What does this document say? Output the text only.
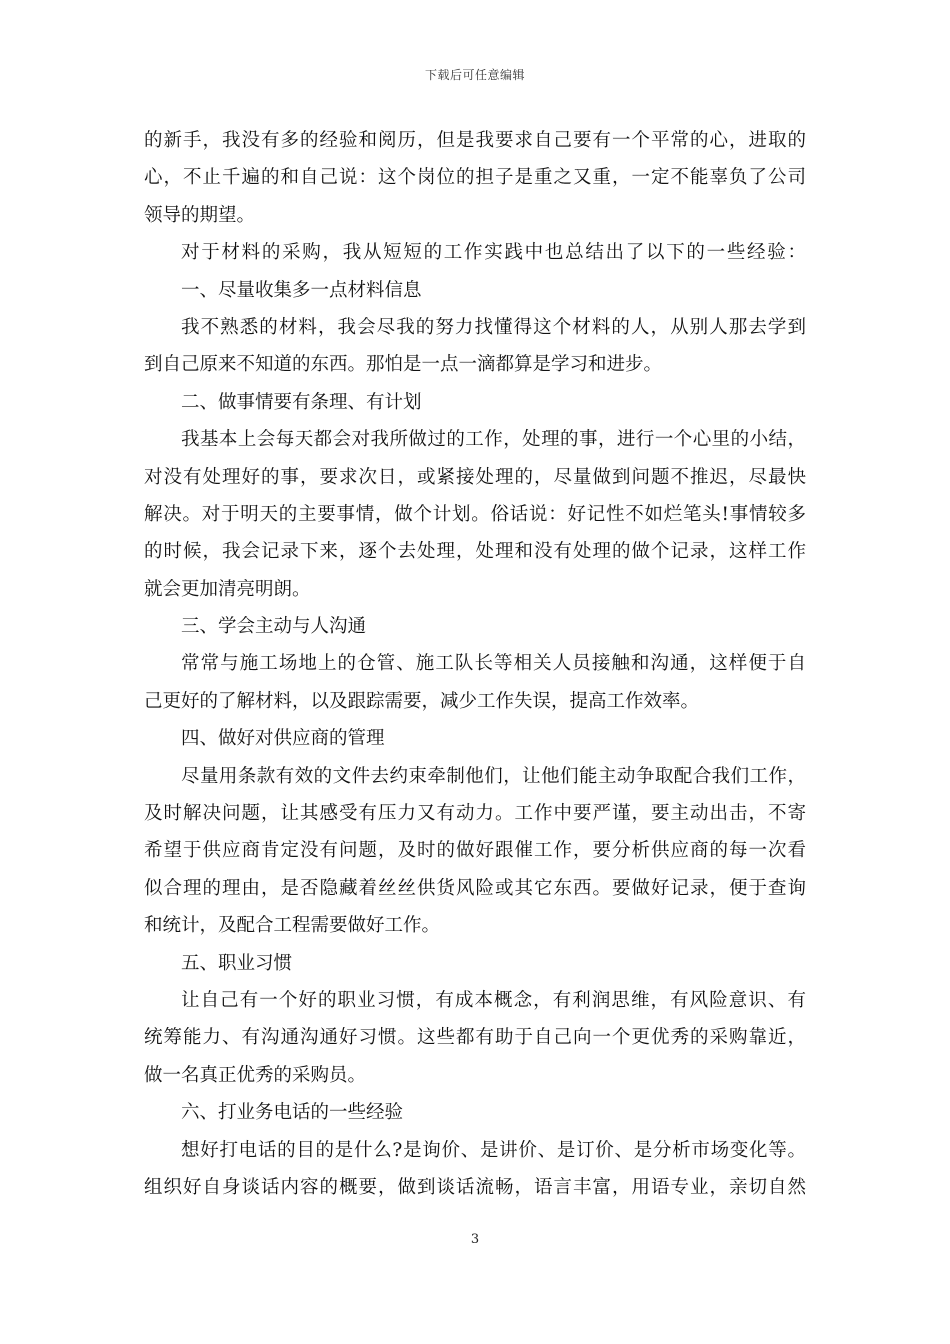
下载后可任意编辑
的新手，我没有多的经验和阅历，但是我要求自己要有一个平常的心，进取的
心，不止千遍的和自己说：这个岗位的担子是重之又重，一定不能辜负了公司
领导的期望。
对于材料的采购，我从短短的工作实践中也总结出了以下的一些经验：
一、尽量收集多一点材料信息
我不熟悉的材料，我会尽我的努力找懂得这个材料的人，从别人那去学到
到自己原来不知道的东西。那怕是一点一滴都算是学习和进步。
二、做事情要有条理、有计划
我基本上会每天都会对我所做过的工作，处理的事，进行一个心里的小结，
对没有处理好的事，要求次日，或紧接处理的，尽量做到问题不推迟，尽最快
解决。对于明天的主要事情，做个计划。俗话说：好记性不如烂笔头!事情较多
的时候，我会记录下来，逐个去处理，处理和没有处理的做个记录，这样工作
就会更加清亮明朗。
三、学会主动与人沟通
常常与施工场地上的仓管、施工队长等相关人员接触和沟通，这样便于自
己更好的了解材料，以及跟踪需要，减少工作失误，提高工作效率。
四、做好对供应商的管理
尽量用条款有效的文件去约束牵制他们，让他们能主动争取配合我们工作，
及时解决问题，让其感受有压力又有动力。工作中要严谨，要主动出击，不寄
希望于供应商肯定没有问题，及时的做好跟催工作，要分析供应商的每一次看
似合理的理由，是否隐藏着丝丝供货风险或其它东西。要做好记录，便于查询
和统计，及配合工程需要做好工作。
五、职业习惯
让自己有一个好的职业习惯，有成本概念，有利润思维，有风险意识、有
统筹能力、有沟通沟通好习惯。这些都有助于自己向一个更优秀的采购靠近，
做一名真正优秀的采购员。
六、打业务电话的一些经验
想好打电话的目的是什么?是询价、是讲价、是订价、是分析市场变化等。
组织好自身谈话内容的概要，做到谈话流畅，语言丰富，用语专业，亲切自然
3
